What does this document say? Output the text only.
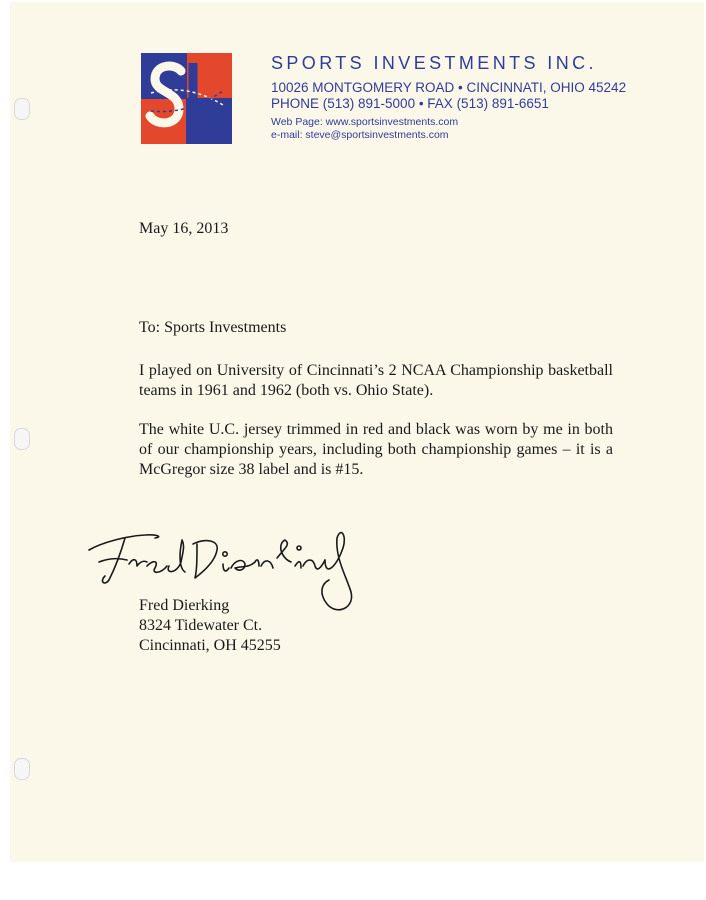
SPORTS INVESTMENTS INC.
10026 MONTGOMERY ROAD • CINCINNATI, OHIO 45242
PHONE (513) 891-5000 • FAX (513) 891-6651
Web Page: www.sportsinvestments.com
e-mail: steve@sportsinvestments.com
May 16, 2013
To: Sports Investments

I played on University of Cincinnati’s 2 NCAA Championship basketball teams in 1961 and 1962 (both vs. Ohio State).

The white U.C. jersey trimmed in red and black was worn by me in both of our championship years, including both championship games – it is a McGregor size 38 label and is #15.

Fred Dierking
8324 Tidewater Ct.
Cincinnati, OH 45255
